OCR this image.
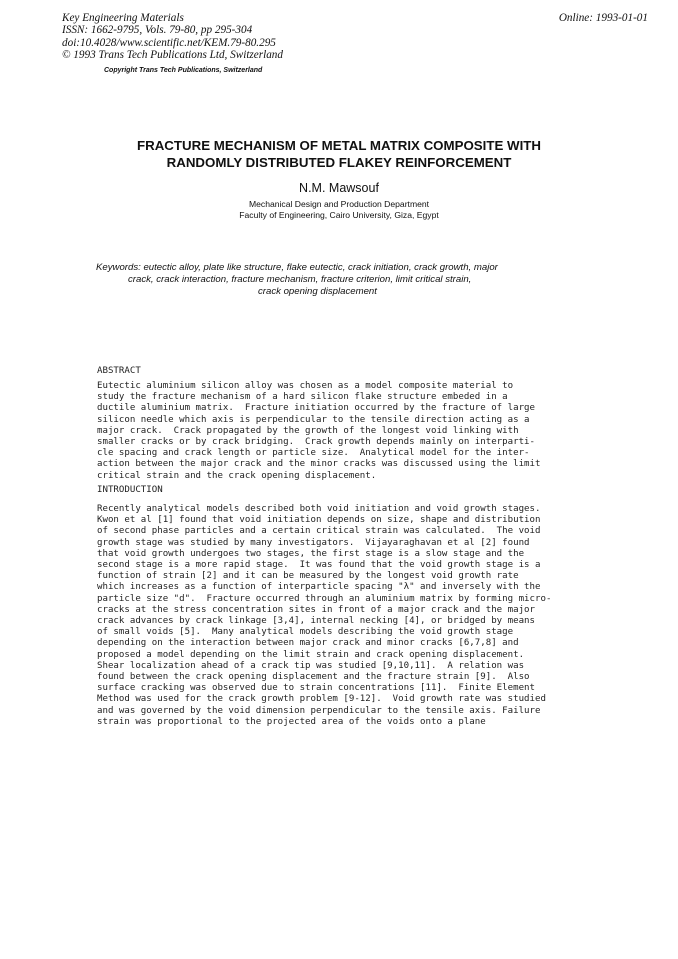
Key Engineering Materials
ISSN: 1662-9795, Vols. 79-80, pp 295-304
doi:10.4028/www.scientific.net/KEM.79-80.295
© 1993 Trans Tech Publications Ltd, Switzerland
Online: 1993-01-01
Copyright Trans Tech Publications, Switzerland
FRACTURE MECHANISM OF METAL MATRIX COMPOSITE WITH
RANDOMLY DISTRIBUTED FLAKEY REINFORCEMENT
N.M. Mawsouf
Mechanical Design and Production Department
Faculty of Engineering, Cairo University, Giza, Egypt
Keywords: eutectic alloy, plate like structure, flake eutectic, crack initiation, crack growth, major
crack, crack interaction, fracture mechanism, fracture criterion, limit critical strain,
crack opening displacement
ABSTRACT
Eutectic aluminium silicon alloy was chosen as a model composite material to
study the fracture mechanism of a hard silicon flake structure embeded in a
ductile aluminium matrix.  Fracture initiation occurred by the fracture of large
silicon needle which axis is perpendicular to the tensile direction acting as a
major crack.  Crack propagated by the growth of the longest void linking with
smaller cracks or by crack bridging.  Crack growth depends mainly on interparti-
cle spacing and crack length or particle size.  Analytical model for the inter-
action between the major crack and the minor cracks was discussed using the limit
critical strain and the crack opening displacement.
INTRODUCTION
Recently analytical models described both void initiation and void growth stages.
Kwon et al [1] found that void initiation depends on size, shape and distribution
of second phase particles and a certain critical strain was calculated.  The void
growth stage was studied by many investigators.  Vijayaraghavan et al [2] found
that void growth undergoes two stages, the first stage is a slow stage and the
second stage is a more rapid stage.  It was found that the void growth stage is a
function of strain [2] and it can be measured by the longest void growth rate
which increases as a function of interparticle spacing "λ" and inversely with the
particle size "d".  Fracture occurred through an aluminium matrix by forming micro-
cracks at the stress concentration sites in front of a major crack and the major
crack advances by crack linkage [3,4], internal necking [4], or bridged by means
of small voids [5].  Many analytical models describing the void growth stage
depending on the interaction between major crack and minor cracks [6,7,8] and
proposed a model depending on the limit strain and crack opening displacement.
Shear localization ahead of a crack tip was studied [9,10,11].  A relation was
found between the crack opening displacement and the fracture strain [9].  Also
surface cracking was observed due to strain concentrations [11].  Finite Element
Method was used for the crack growth problem [9-12].  Void growth rate was studied
and was governed by the void dimension perpendicular to the tensile axis. Failure
strain was proportional to the projected area of the voids onto a plane
